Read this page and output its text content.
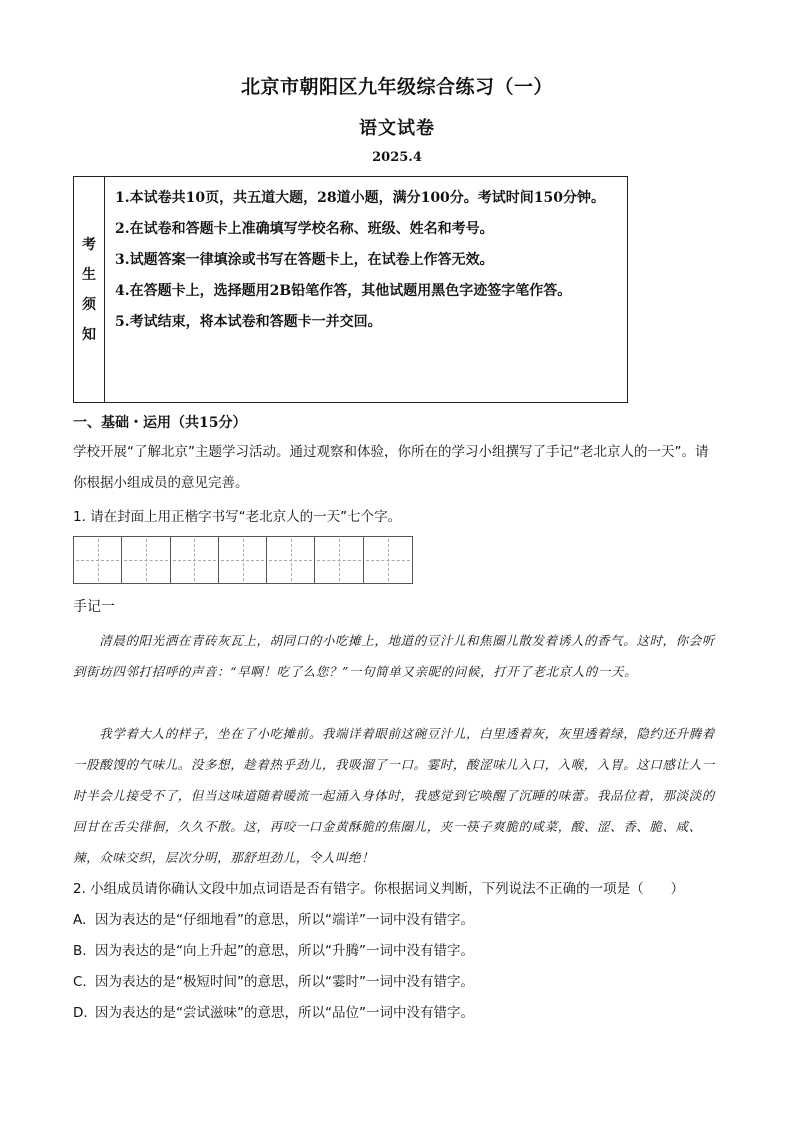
北京市朝阳区九年级综合练习（一）
语文试卷
2025.4
考
生
须
知
1.本试卷共10页，共五道大题，28道小题，满分100分。考试时间150分钟。
2.在试卷和答题卡上准确填写学校名称、班级、姓名和考号。
3.试题答案一律填涂或书写在答题卡上，在试卷上作答无效。
4.在答题卡上，选择题用2B铅笔作答，其他试题用黑色字迹签字笔作答。
5.考试结束，将本试卷和答题卡一并交回。
一、基础・运用（共15分）
学校开展“了解北京”主题学习活动。通过观察和体验，你所在的学习小组撰写了手记“老北京人的一天”。请你根据小组成员的意见完善。
1. 请在封面上用正楷字书写“老北京人的一天”七个字。
手记一
清晨的阳光洒在青砖灰瓦上，胡同口的小吃摊上，地道的豆汁儿和焦圈儿散发着诱人的香气。这时，你会听到街坊四邻打招呼的声音：“早啊！吃了么您？”一句简单又亲昵的问候，打开了老北京人的一天。
我学着大人的样子，坐在了小吃摊前。我端详着眼前这碗豆汁儿，白里透着灰，灰里透着绿，隐约还升腾着一股酸馊的气味儿。没多想，趁着热乎劲儿，我吸溜了一口。霎时，酸涩味儿入口，入喉，入胃。这口感让人一时半会儿接受不了，但当这味道随着暖流一起涌入身体时，我感觉到它唤醒了沉睡的味蕾。我品位着，那淡淡的回甘在舌尖徘徊，久久不散。这，再咬一口金黄酥脆的焦圈儿，夹一筷子爽脆的咸菜，酸、涩、香、脆、咸、辣，众味交织，层次分明，那舒坦劲儿，令人叫绝！
2. 小组成员请你确认文段中加点词语是否有错字。你根据词义判断，下列说法不正确的一项是（　　）
A. 因为表达的是“仔细地看”的意思，所以“端详”一词中没有错字。
B. 因为表达的是“向上升起”的意思，所以“升腾”一词中没有错字。
C. 因为表达的是“极短时间”的意思，所以“霎时”一词中没有错字。
D. 因为表达的是“尝试滋味”的意思，所以“品位”一词中没有错字。
